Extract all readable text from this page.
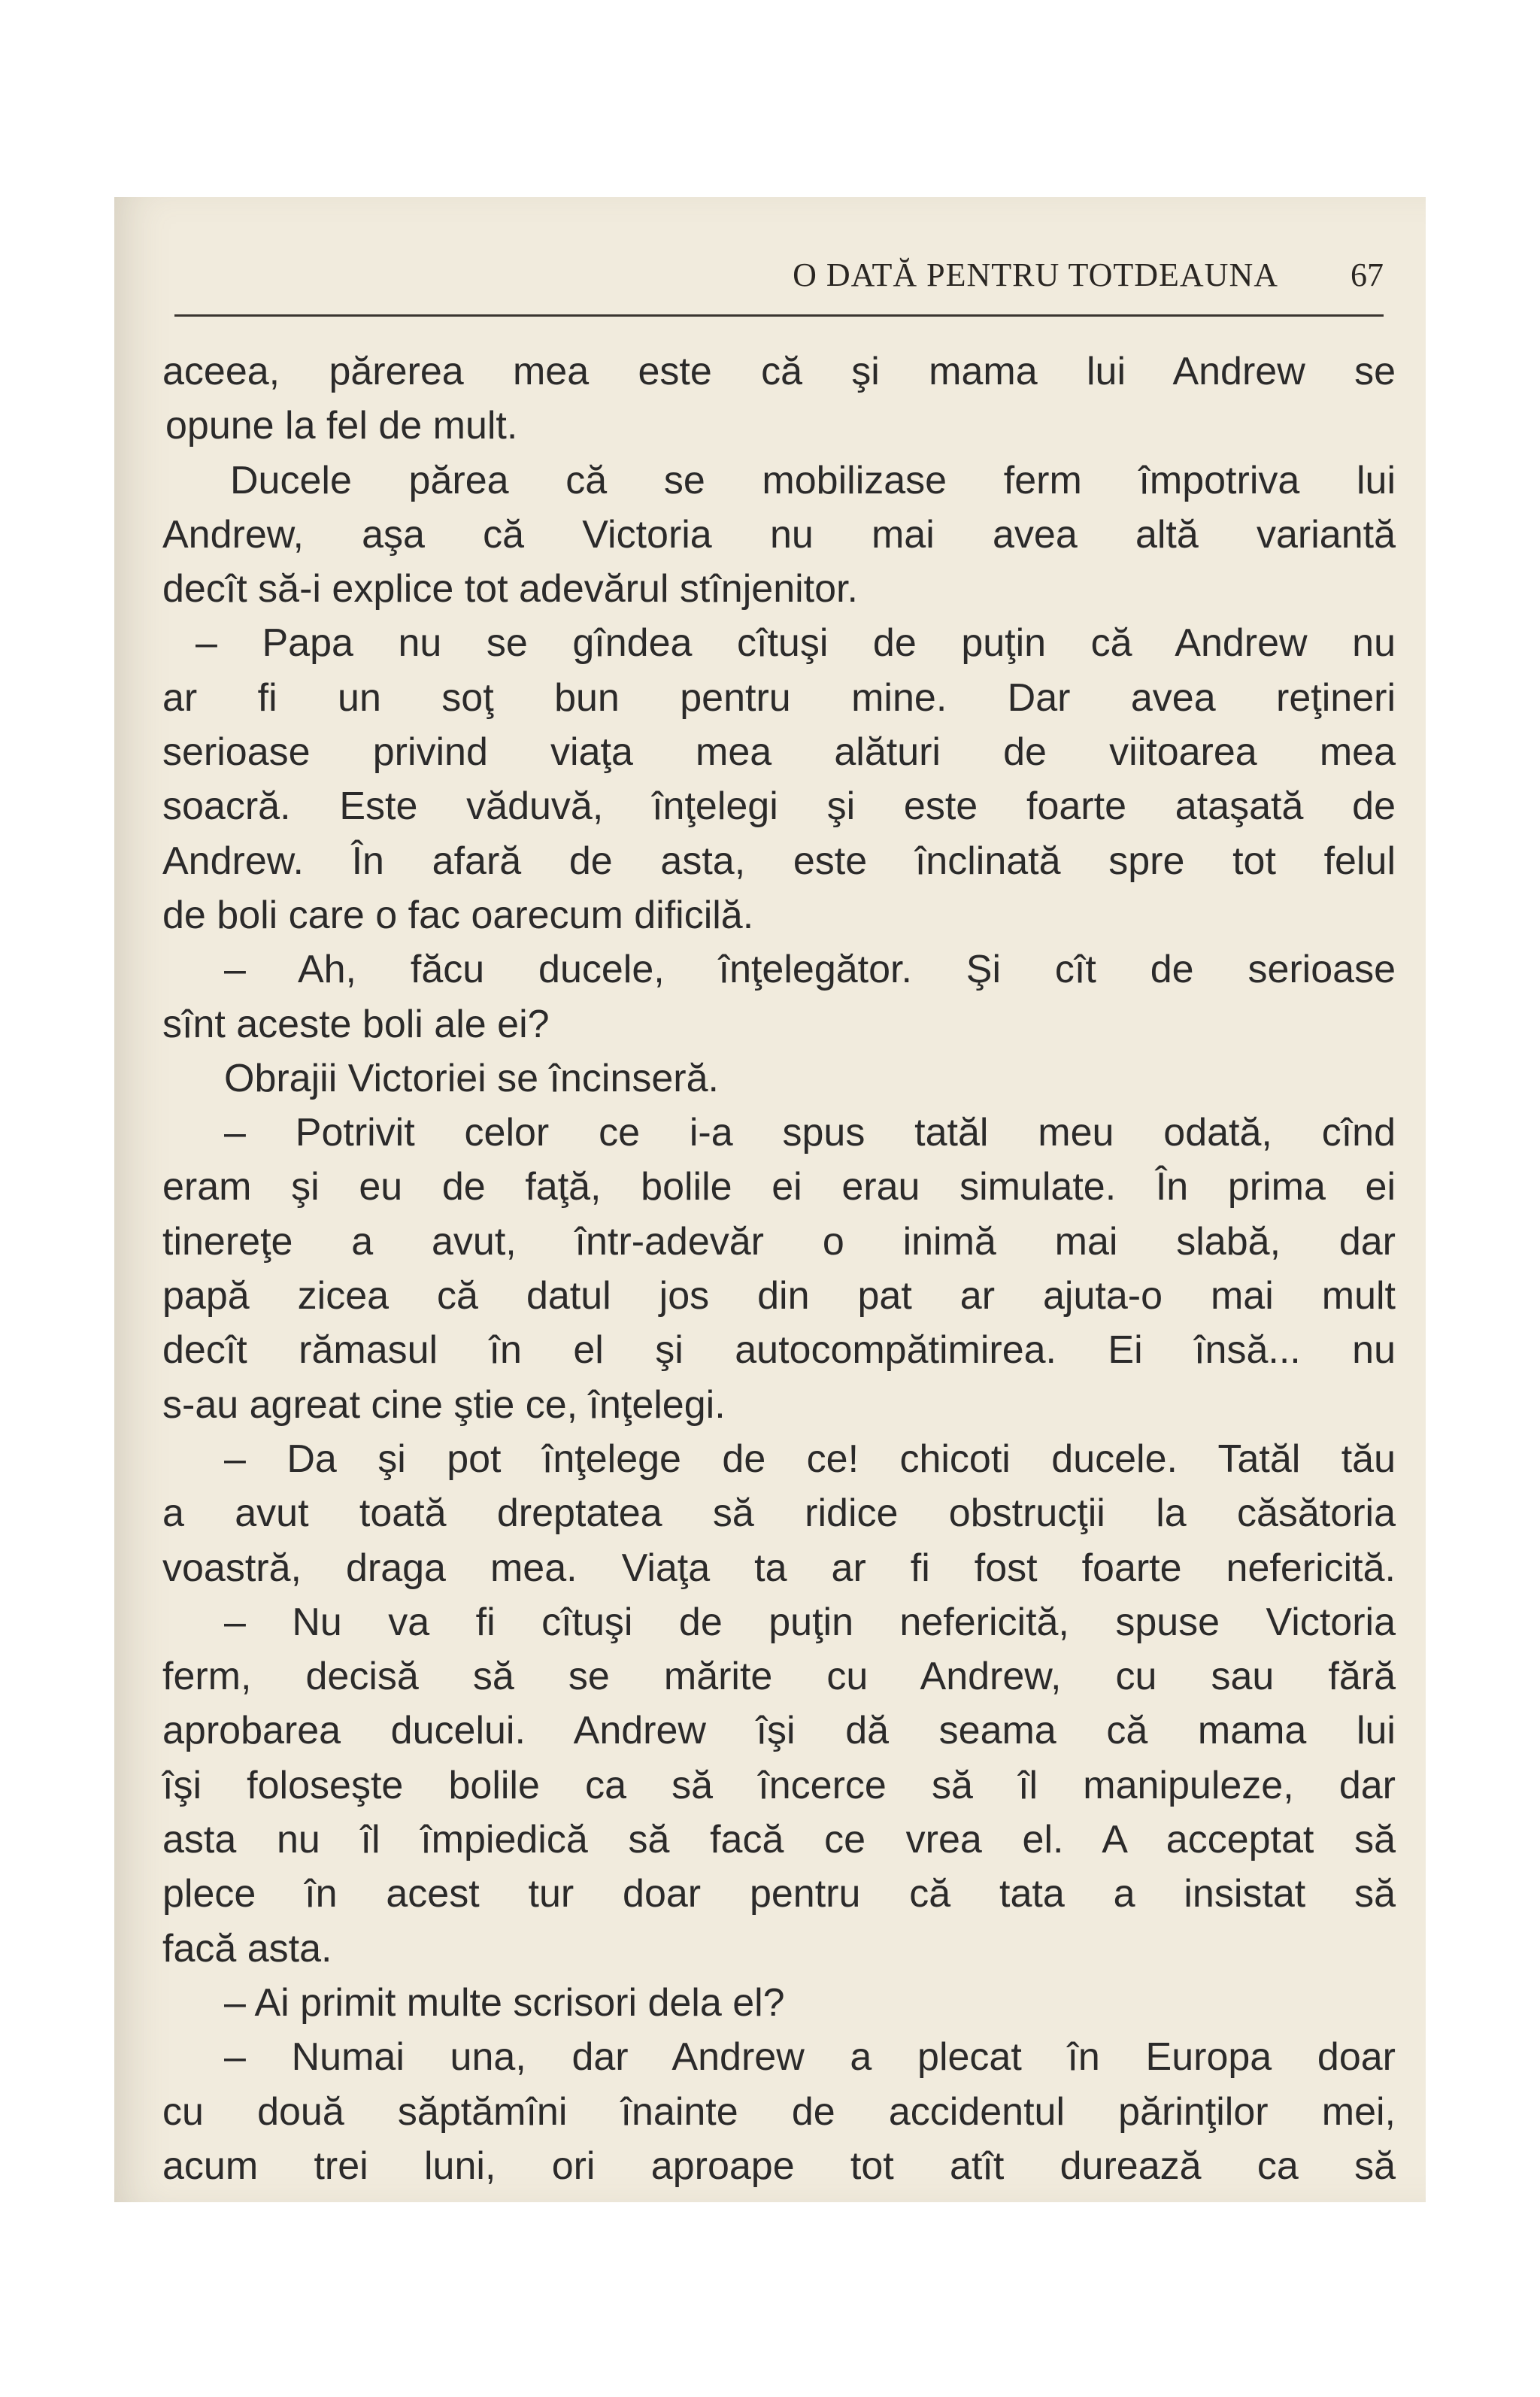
O DATĂ PENTRU TOTDEAUNA 67
aceea, părerea mea este că şi mama lui Andrew se
opune la fel de mult.
Ducele părea că se mobilizase ferm împotriva lui
Andrew, aşa că Victoria nu mai avea altă variantă
decît să-i explice tot adevărul stînjenitor.
– Papa nu se gîndea cîtuşi de puţin că Andrew nu
ar fi un soţ bun pentru mine. Dar avea reţineri
serioase privind viaţa mea alături de viitoarea mea
soacră. Este văduvă, înţelegi şi este foarte ataşată de
Andrew. În afară de asta, este înclinată spre tot felul
de boli care o fac oarecum dificilă.
– Ah, făcu ducele, înţelegător. Şi cît de serioase
sînt aceste boli ale ei?
Obrajii Victoriei se încinseră.
– Potrivit celor ce i-a spus tatăl meu odată, cînd
eram şi eu de faţă, bolile ei erau simulate. În prima ei
tinereţe a avut, într-adevăr o inimă mai slabă, dar
papă zicea că datul jos din pat ar ajuta-o mai mult
decît rămasul în el şi autocompătimirea. Ei însă... nu
s-au agreat cine ştie ce, înţelegi.
– Da şi pot înţelege de ce! chicoti ducele. Tatăl tău
a avut toată dreptatea să ridice obstrucţii la căsătoria
voastră, draga mea. Viaţa ta ar fi fost foarte nefericită.
– Nu va fi cîtuşi de puţin nefericită, spuse Victoria
ferm, decisă să se mărite cu Andrew, cu sau fără
aprobarea ducelui. Andrew îşi dă seama că mama lui
îşi foloseşte bolile ca să încerce să îl manipuleze, dar
asta nu îl împiedică să facă ce vrea el. A acceptat să
plece în acest tur doar pentru că tata a insistat să
facă asta.
– Ai primit multe scrisori dela el?
– Numai una, dar Andrew a plecat în Europa doar
cu două săptămîni înainte de accidentul părinţilor mei,
acum trei luni, ori aproape tot atît durează ca să
